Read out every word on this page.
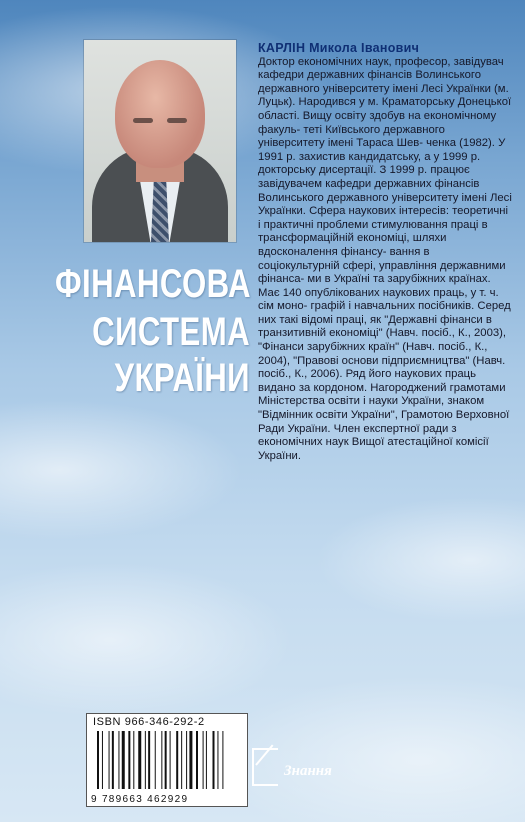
ФІНАНСОВА
СИСТЕМА
УКРАЇНИ
КАРЛІН Микола Іванович

Доктор економічних наук, професор, завідувач кафедри державних фінансів Волинського державного університету імені Лесі Українки (м. Луцьк). Народився у м. Краматорську Донецької області. Вищу освіту здобув на економічному факуль- теті Київського державного університету імені Тараса Шев- ченка (1982). У 1991 р. захистив кандидатську, а у 1999 р. докторську дисертації. З 1999 р. працює завідувачем кафедри державних фінансів Волинського державного університету імені Лесі Українки. Сфера наукових інтересів: теоретичні і практичні проблеми стимулювання праці в трансформаційній економіці, шляхи вдосконалення фінансу- вання в соціокультурній сфері, управління державними фінанса- ми в Україні та зарубіжних країнах. Має 140 опублікованих наукових праць, у т. ч. сім моно- графій і навчальних посібників. Серед них такі відомі праці, як "Державні фінанси в транзитивній економіці" (Навч. посіб., К., 2003), "Фінанси зарубіжних країн" (Навч. посіб., К., 2004), "Правові основи підприємництва" (Навч. посіб., К., 2006). Ряд його наукових праць видано за кордоном. Нагороджений грамотами Міністерства освіти і науки України, знаком "Відмінник освіти України", Грамотою Верховної Ради України. Член експертної ради з економічних наук Вищої атестаційної комісії України.

ISBN 966-346-292-2
9 789663 462929
Знання
